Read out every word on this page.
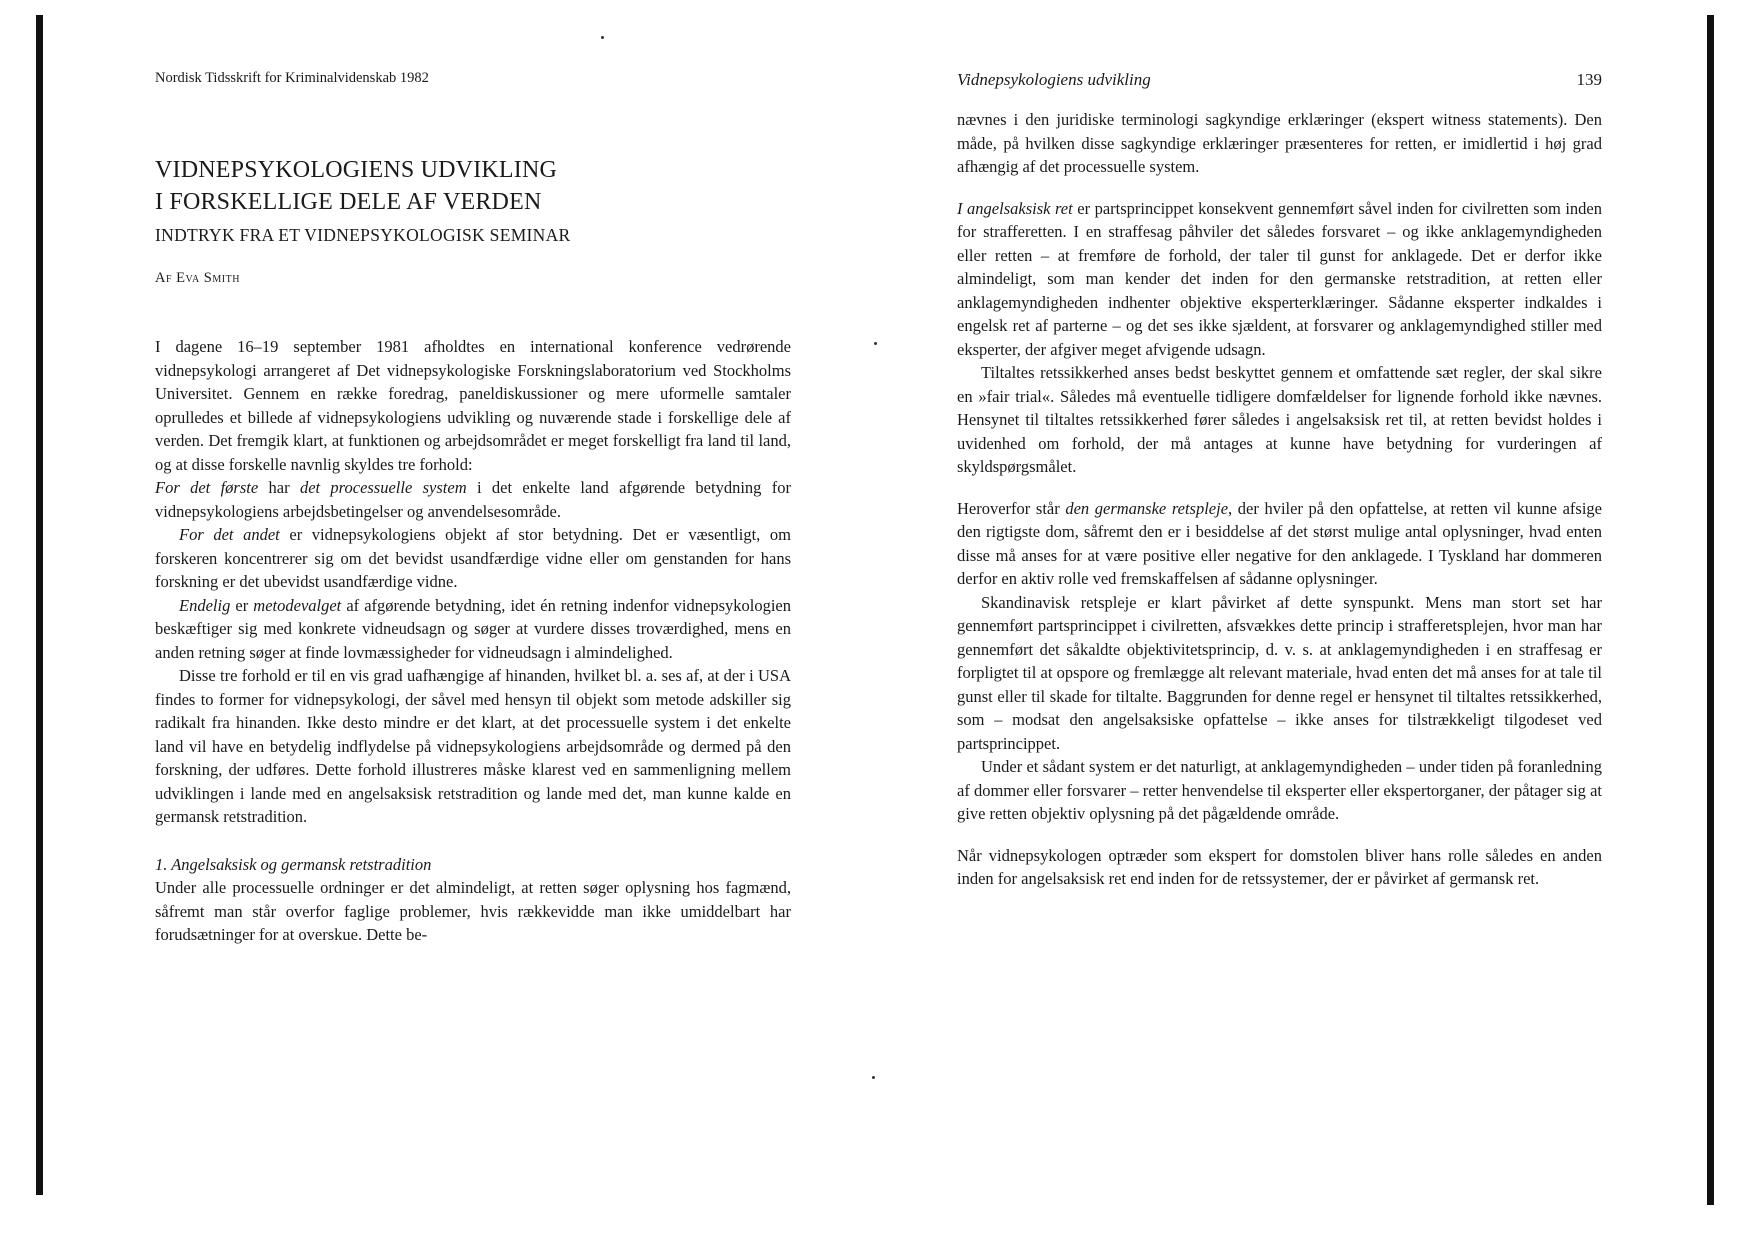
Nordisk Tidsskrift for Kriminalvidenskab 1982
VIDNEPSYKOLOGIENS UDVIKLING
I FORSKELLIGE DELE AF VERDEN
INDTRYK FRA ET VIDNEPSYKOLOGISK SEMINAR
Af Eva Smith

I dagene 16–19 september 1981 afholdtes en international konference vedrørende vidnepsykologi arrangeret af Det vidnepsykologiske Forskningslaboratorium ved Stockholms Universitet. Gennem en række foredrag, paneldiskussioner og mere uformelle samtaler oprulledes et billede af vidnepsykologiens udvikling og nuværende stade i forskellige dele af verden. Det fremgik klart, at funktionen og arbejdsområdet er meget forskelligt fra land til land, og at disse forskelle navnlig skyldes tre forhold:

For det første har det processuelle system i det enkelte land afgørende betydning for vidnepsykologiens arbejdsbetingelser og anvendelsesområde.

For det andet er vidnepsykologiens objekt af stor betydning. Det er væsentligt, om forskeren koncentrerer sig om det bevidst usandfærdige vidne eller om genstanden for hans forskning er det ubevidst usandfærdige vidne.

Endelig er metodevalget af afgørende betydning, idet én retning indenfor vidnepsykologien beskæftiger sig med konkrete vidneudsagn og søger at vurdere disses troværdighed, mens en anden retning søger at finde lovmæssigheder for vidneudsagn i almindelighed.

Disse tre forhold er til en vis grad uafhængige af hinanden, hvilket bl. a. ses af, at der i USA findes to former for vidnepsykologi, der såvel med hensyn til objekt som metode adskiller sig radikalt fra hinanden. Ikke desto mindre er det klart, at det processuelle system i det enkelte land vil have en betydelig indflydelse på vidnepsykologiens arbejdsområde og dermed på den forskning, der udføres. Dette forhold illustreres måske klarest ved en sammenligning mellem udviklingen i lande med en angelsaksisk retstradition og lande med det, man kunne kalde en germansk retstradition.

1. Angelsaksisk og germansk retstradition

Under alle processuelle ordninger er det almindeligt, at retten søger oplysning hos fagmænd, såfremt man står overfor faglige problemer, hvis rækkevidde man ikke umiddelbart har forudsætninger for at overskue. Dette be-

Vidnepsykologiens udvikling	139

nævnes i den juridiske terminologi sagkyndige erklæringer (ekspert witness statements). Den måde, på hvilken disse sagkyndige erklæringer præsenteres for retten, er imidlertid i høj grad afhængig af det processuelle system.

I angelsaksisk ret er partsprincippet konsekvent gennemført såvel inden for civilretten som inden for strafferetten. I en straffesag påhviler det således forsvaret – og ikke anklagemyndigheden eller retten – at fremføre de forhold, der taler til gunst for anklagede. Det er derfor ikke almindeligt, som man kender det inden for den germanske retstradition, at retten eller anklagemyndigheden indhenter objektive eksperterklæringer. Sådanne eksperter indkaldes i engelsk ret af parterne – og det ses ikke sjældent, at forsvarer og anklagemyndighed stiller med eksperter, der afgiver meget afvigende udsagn.

Tiltaltes retssikkerhed anses bedst beskyttet gennem et omfattende sæt regler, der skal sikre en »fair trial«. Således må eventuelle tidligere domfældelser for lignende forhold ikke nævnes. Hensynet til tiltaltes retssikkerhed fører således i angelsaksisk ret til, at retten bevidst holdes i uvidenhed om forhold, der må antages at kunne have betydning for vurderingen af skyldspørgsmålet.

Heroverfor står den germanske retspleje, der hviler på den opfattelse, at retten vil kunne afsige den rigtigste dom, såfremt den er i besiddelse af det størst mulige antal oplysninger, hvad enten disse må anses for at være positive eller negative for den anklagede. I Tyskland har dommeren derfor en aktiv rolle ved fremskaffelsen af sådanne oplysninger.

Skandinavisk retspleje er klart påvirket af dette synspunkt. Mens man stort set har gennemført partsprincippet i civilretten, afsvækkes dette princip i strafferetsplejen, hvor man har gennemført det såkaldte objektivitetsprincip, d. v. s. at anklagemyndigheden i en straffesag er forpligtet til at opspore og fremlægge alt relevant materiale, hvad enten det må anses for at tale til gunst eller til skade for tiltalte. Baggrunden for denne regel er hensynet til tiltaltes retssikkerhed, som – modsat den angelsaksiske opfattelse – ikke anses for tilstrækkeligt tilgodeset ved partsprincippet.

Under et sådant system er det naturligt, at anklagemyndigheden – under tiden på foranledning af dommer eller forsvarer – retter henvendelse til eksperter eller ekspertorganer, der påtager sig at give retten objektiv oplysning på det pågældende område.

Når vidnepsykologen optræder som ekspert for domstolen bliver hans rolle således en anden inden for angelsaksisk ret end inden for de retssystemer, der er påvirket af germansk ret.
